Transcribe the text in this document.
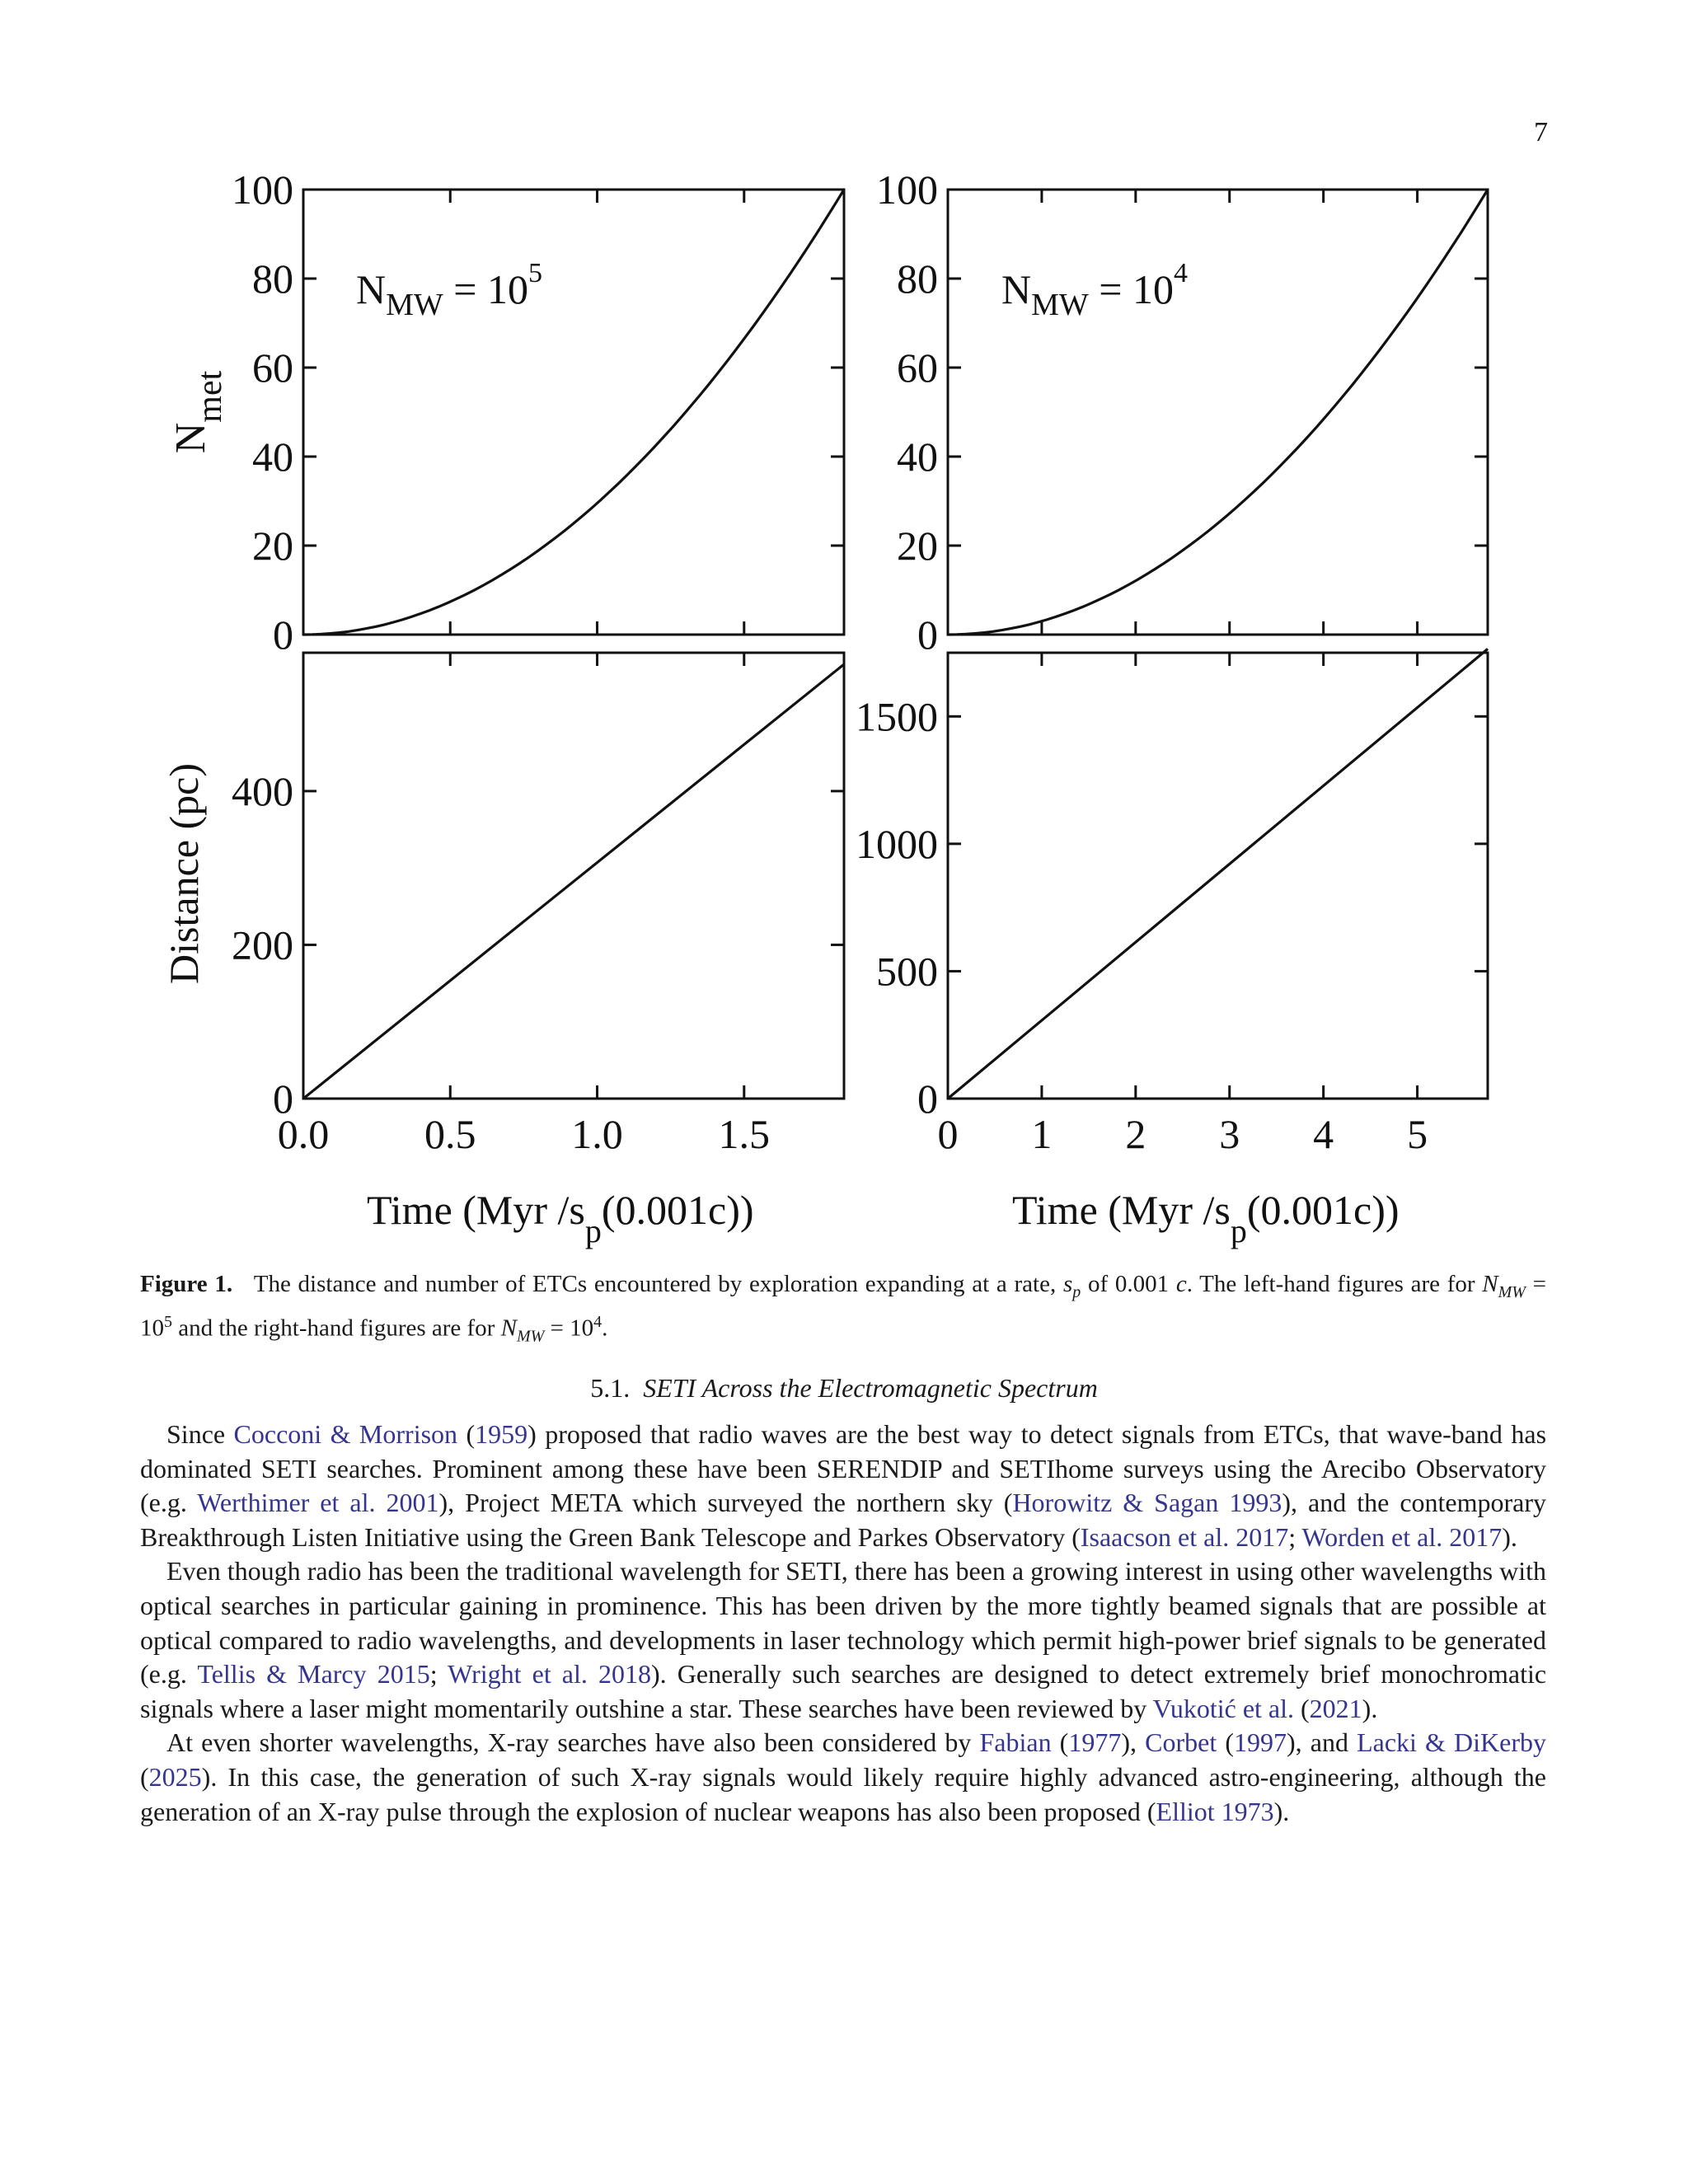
7
0
20
40
60
80
100
0
20
40
60
80
100
0
200
400
0.0 0.5 1.0 1.5
0
500
1000
1500
0 1 2 3 4 5
$N_{MW} = 10^5$	$N_{MW} = 10^4$
$N_{met}$
Distance (pc)
Time (Myr $/s_p(0.001c)$)	Time (Myr $/s_p(0.001c)$)
Figure 1. The distance and number of ETCs encountered by exploration expanding at a rate, $s_p$ of 0.001 c. The left-hand figures are for $N_{MW} = 10^5$ and the right-hand figures are for $N_{MW} = 10^4$.
5.1. SETI Across the Electromagnetic Spectrum

Since Cocconi & Morrison (1959) proposed that radio waves are the best way to detect signals from ETCs, that wave-band has dominated SETI searches. Prominent among these have been SERENDIP and SETIhome surveys using the Arecibo Observatory (e.g. Werthimer et al. 2001), Project META which surveyed the northern sky (Horowitz & Sagan 1993), and the contemporary Breakthrough Listen Initiative using the Green Bank Telescope and Parkes Observatory (Isaacson et al. 2017; Worden et al. 2017).

Even though radio has been the traditional wavelength for SETI, there has been a growing interest in using other wavelengths with optical searches in particular gaining in prominence. This has been driven by the more tightly beamed signals that are possible at optical compared to radio wavelengths, and developments in laser technology which permit high-power brief signals to be generated (e.g. Tellis & Marcy 2015; Wright et al. 2018). Generally such searches are designed to detect extremely brief monochromatic signals where a laser might momentarily outshine a star. These searches have been reviewed by Vukotić et al. (2021).

At even shorter wavelengths, X-ray searches have also been considered by Fabian (1977), Corbet (1997), and Lacki & DiKerby (2025). In this case, the generation of such X-ray signals would likely require highly advanced astro-engineering, although the generation of an X-ray pulse through the explosion of nuclear weapons has also been proposed (Elliot 1973).
